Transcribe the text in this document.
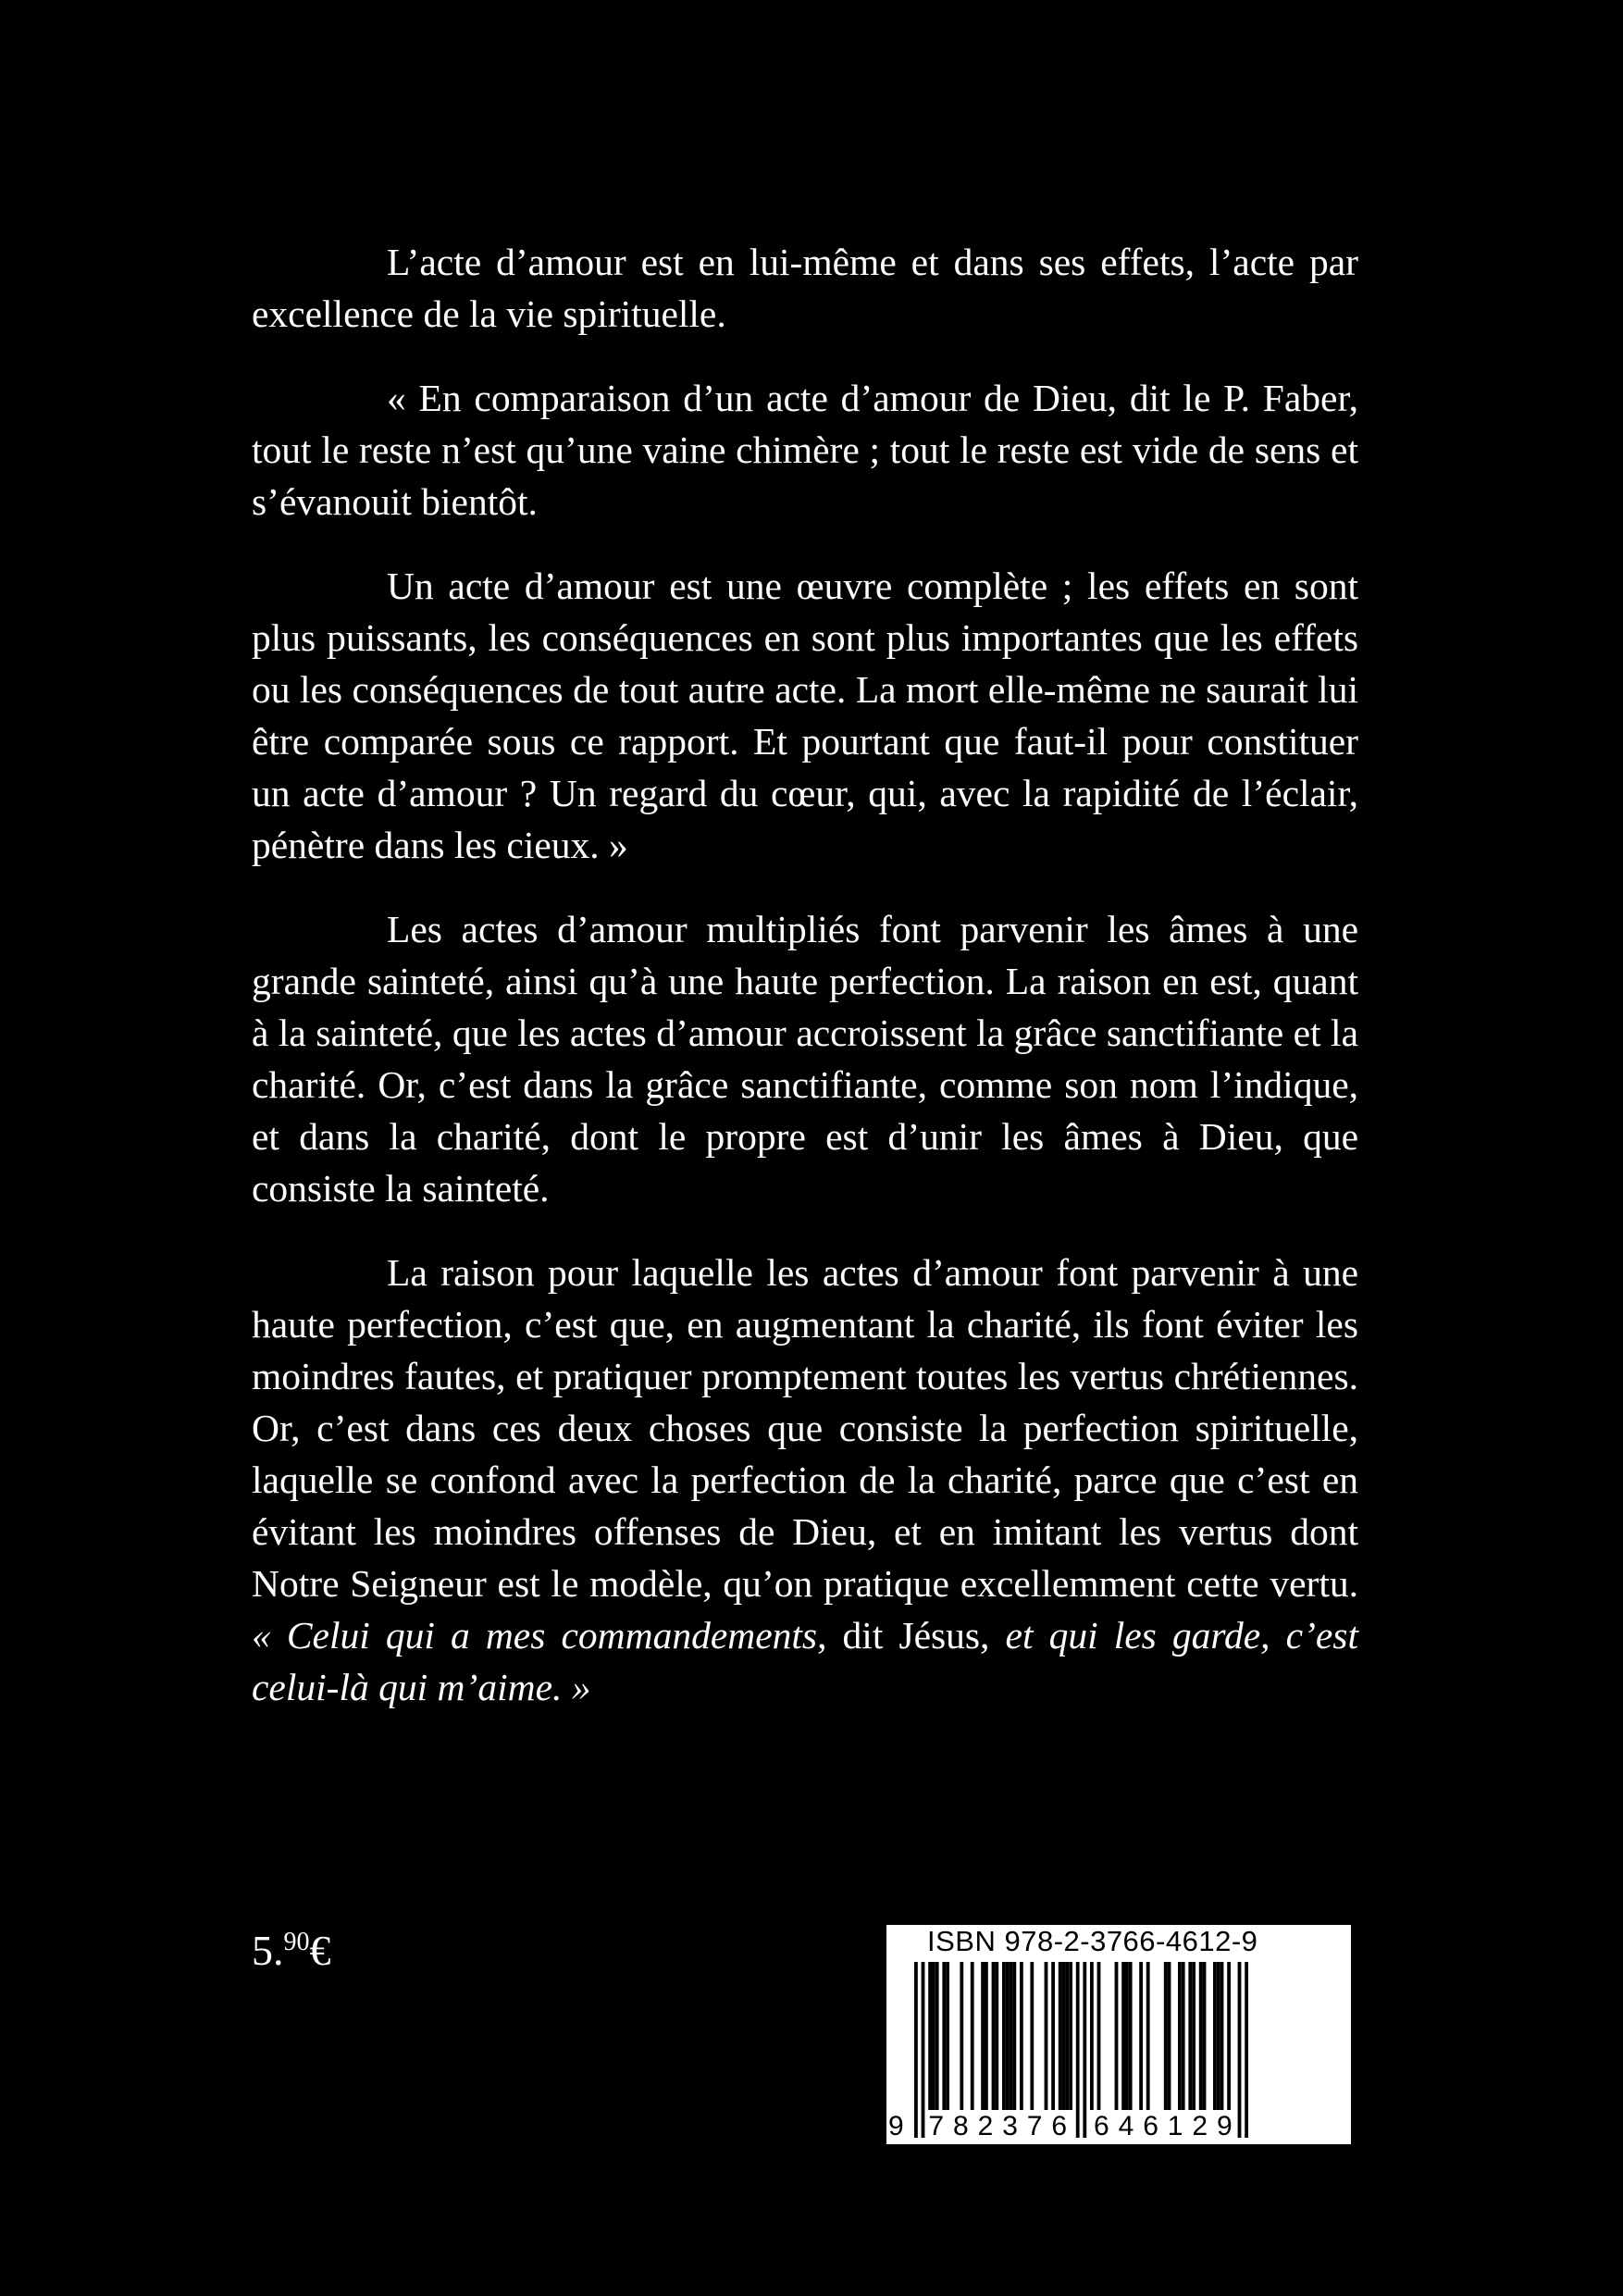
L’acte d’amour est en lui-même et dans ses effets, l’acte par excellence de la vie spirituelle.

« En comparaison d’un acte d’amour de Dieu, dit le P. Faber, tout le reste n’est qu’une vaine chimère ; tout le reste est vide de sens et s’évanouit bientôt.

Un acte d’amour est une œuvre complète ; les effets en sont plus puissants, les conséquences en sont plus importantes que les effets ou les conséquences de tout autre acte. La mort elle-même ne saurait lui être comparée sous ce rapport. Et pourtant que faut-il pour constituer un acte d’amour ? Un regard du cœur, qui, avec la rapidité de l’éclair, pénètre dans les cieux. »

Les actes d’amour multipliés font parvenir les âmes à une grande sainteté, ainsi qu’à une haute perfection. La raison en est, quant à la sainteté, que les actes d’amour accroissent la grâce sanctifiante et la charité. Or, c’est dans la grâce sanctifiante, comme son nom l’indique, et dans la charité, dont le propre est d’unir les âmes à Dieu, que consiste la sainteté.

La raison pour laquelle les actes d’amour font parvenir à une haute perfection, c’est que, en augmentant la charité, ils font éviter les moindres fautes, et pratiquer promptement toutes les vertus chrétiennes. Or, c’est dans ces deux choses que consiste la perfection spirituelle, laquelle se confond avec la perfection de la charité, parce que c’est en évitant les moindres offenses de Dieu, et en imitant les vertus dont Notre Seigneur est le modèle, qu’on pratique excellemment cette vertu. « Celui qui a mes commandements, dit Jésus, et qui les garde, c’est celui-là qui m’aime. »

5.90€	ISBN 978-2-3766-4612-9
9 7 8 2 3 7 6 6 4 6 1 2 9
